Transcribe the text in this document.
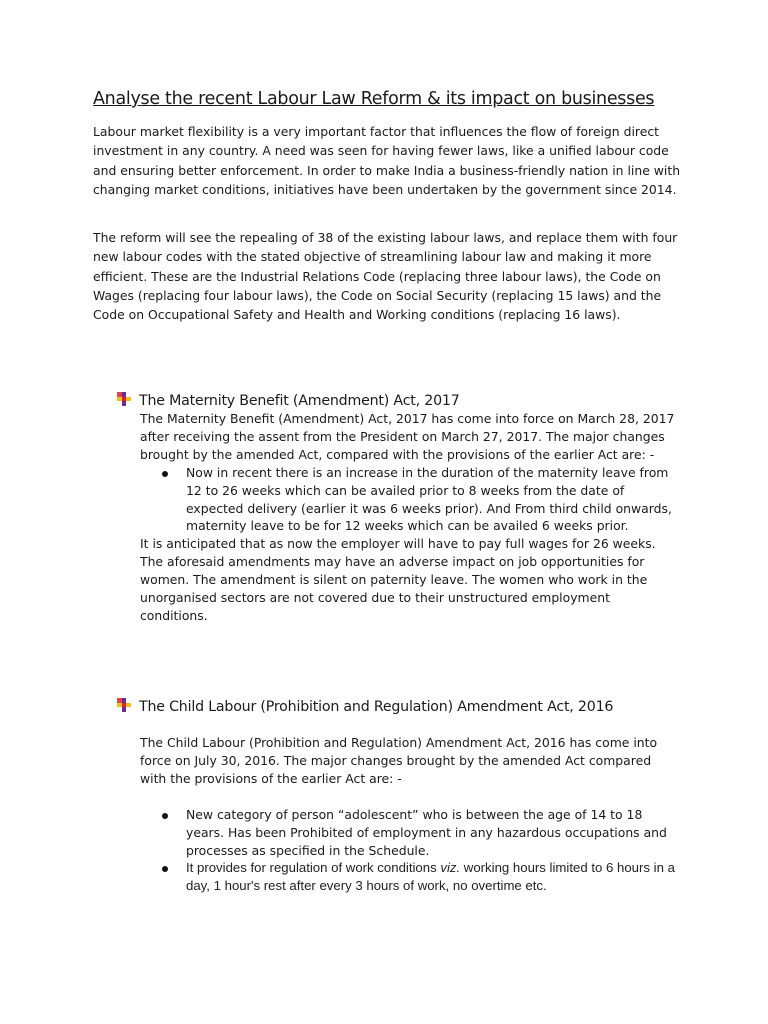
Analyse the recent Labour Law Reform & its impact on businesses
Labour market flexibility is a very important factor that influences the flow of foreign direct investment in any country. A need was seen for having fewer laws, like a unified labour code and ensuring better enforcement. In order to make India a business-friendly nation in line with changing market conditions, initiatives have been undertaken by the government since 2014.
The reform will see the repealing of 38 of the existing labour laws, and replace them with four new labour codes with the stated objective of streamlining labour law and making it more efficient. These are the Industrial Relations Code (replacing three labour laws), the Code on Wages (replacing four labour laws), the Code on Social Security (replacing 15 laws) and the Code on Occupational Safety and Health and Working conditions (replacing 16 laws).
The Maternity Benefit (Amendment) Act, 2017
The Maternity Benefit (Amendment) Act, 2017 has come into force on March 28, 2017 after receiving the assent from the President on March 27, 2017. The major changes brought by the amended Act, compared with the provisions of the earlier Act are: -
Now in recent there is an increase in the duration of the maternity leave from 12 to 26 weeks which can be availed prior to 8 weeks from the date of expected delivery (earlier it was 6 weeks prior). And From third child onwards, maternity leave to be for 12 weeks which can be availed 6 weeks prior.
It is anticipated that as now the employer will have to pay full wages for 26 weeks. The aforesaid amendments may have an adverse impact on job opportunities for women. The amendment is silent on paternity leave. The women who work in the unorganised sectors are not covered due to their unstructured employment conditions.
The Child Labour (Prohibition and Regulation) Amendment Act, 2016
The Child Labour (Prohibition and Regulation) Amendment Act, 2016 has come into force on July 30, 2016. The major changes brought by the amended Act compared with the provisions of the earlier Act are: -
New category of person “adolescent” who is between the age of 14 to 18 years. Has been Prohibited of employment in any hazardous occupations and processes as specified in the Schedule.
It provides for regulation of work conditions viz. working hours limited to 6 hours in a day, 1 hour's rest after every 3 hours of work, no overtime etc.
